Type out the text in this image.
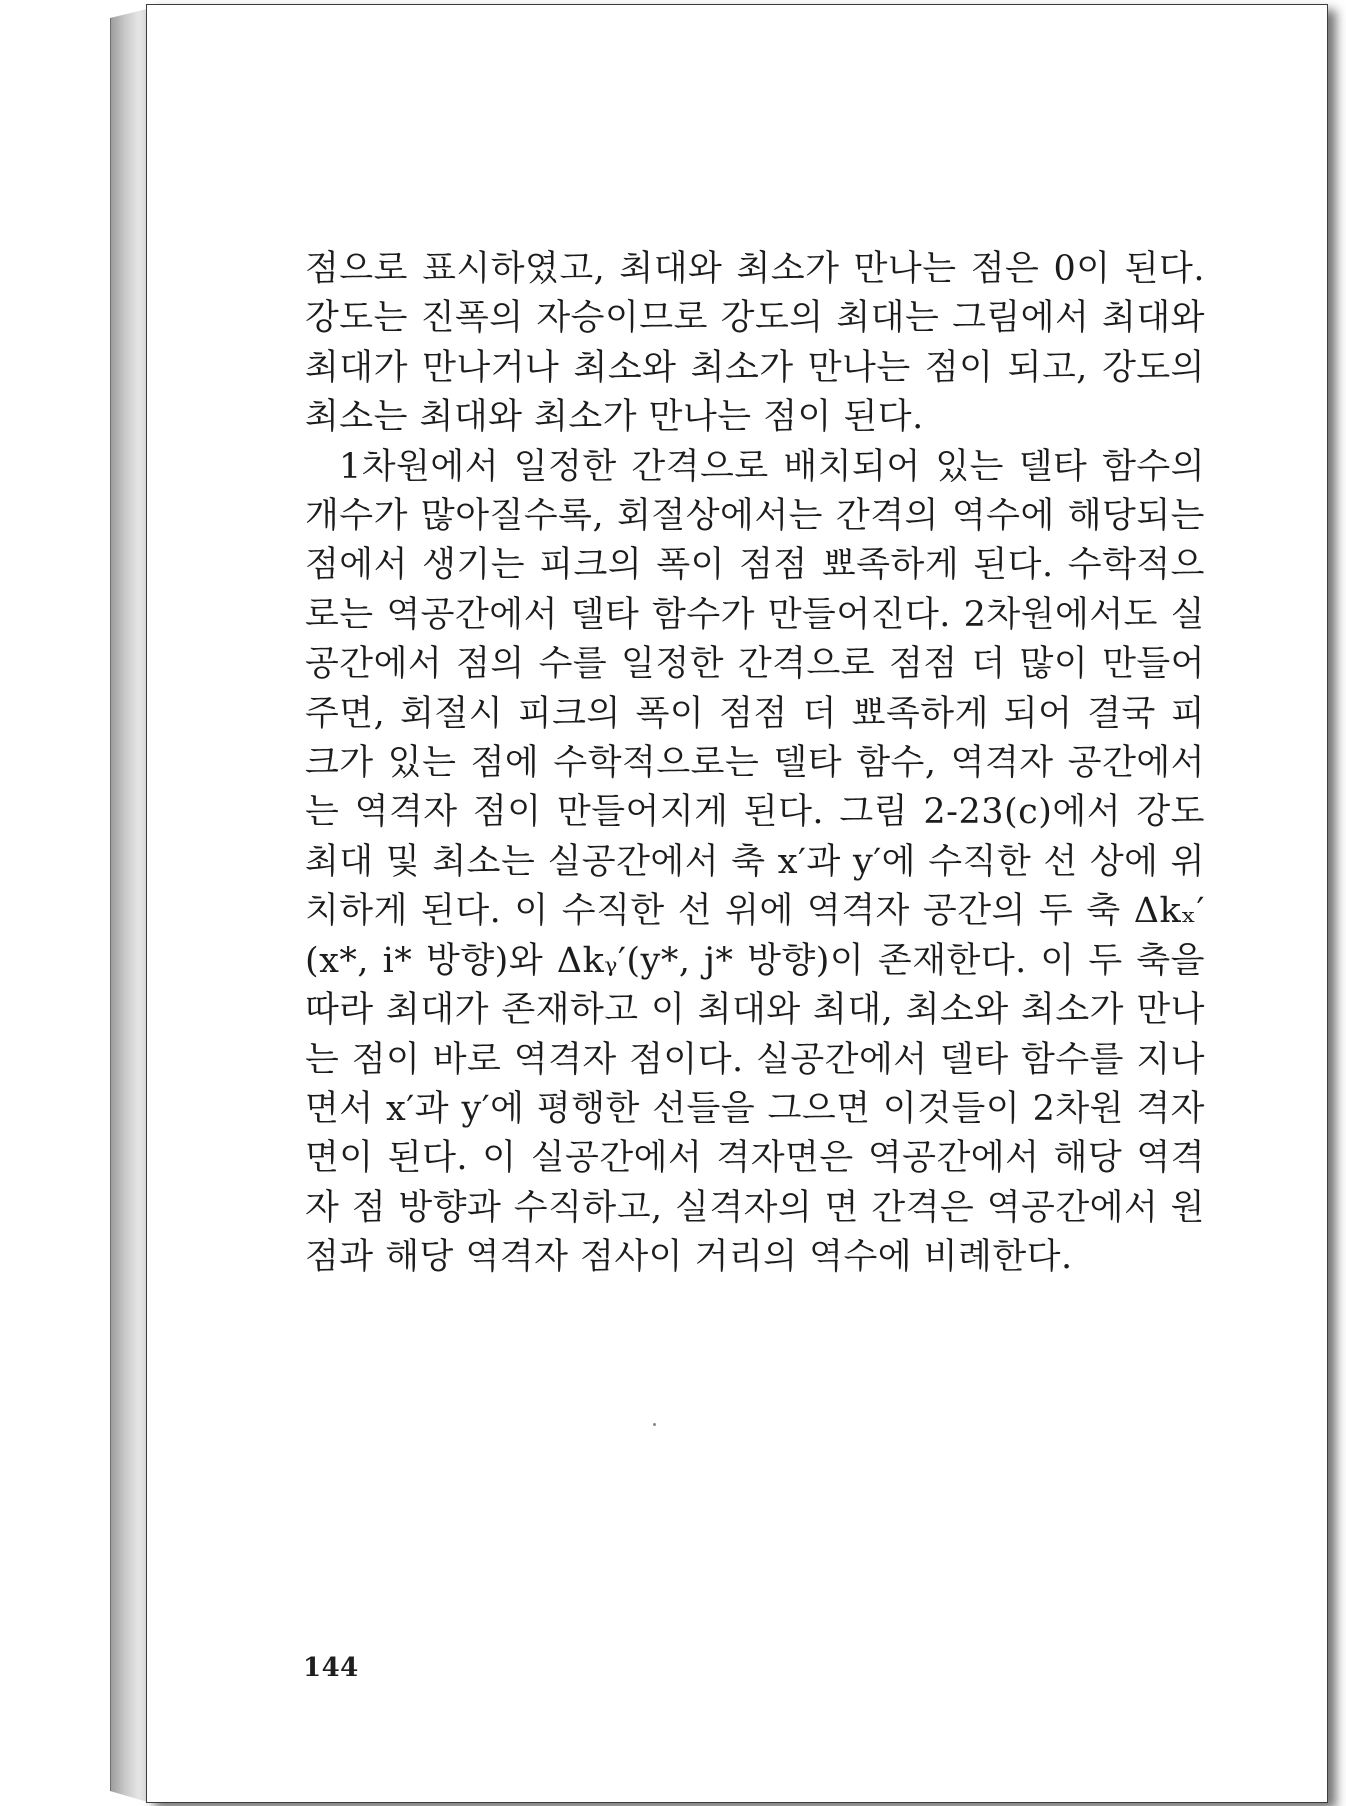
점으로 표시하였고, 최대와 최소가 만나는 점은 0이 된다. 강도는 진폭의 자승이므로 강도의 최대는 그림에서 최대와 최대가 만나거나 최소와 최소가 만나는 점이 되고, 강도의 최소는 최대와 최소가 만나는 점이 된다.

1차원에서 일정한 간격으로 배치되어 있는 델타 함수의 개수가 많아질수록, 회절상에서는 간격의 역수에 해당되는 점에서 생기는 피크의 폭이 점점 뾰족하게 된다. 수학적으로는 역공간에서 델타 함수가 만들어진다. 2차원에서도 실공간에서 점의 수를 일정한 간격으로 점점 더 많이 만들어 주면, 회절시 피크의 폭이 점점 더 뾰족하게 되어 결국 피크가 있는 점에 수학적으로는 델타 함수, 역격자 공간에서는 역격자 점이 만들어지게 된다. 그림 2-23(c)에서 강도 최대 및 최소는 실공간에서 축 x′과 y′에 수직한 선 상에 위치하게 된다. 이 수직한 선 위에 역격자 공간의 두 축 Δkₓ′(x*, i* 방향)와 Δkᵧ′(y*, j* 방향)이 존재한다. 이 두 축을 따라 최대가 존재하고 이 최대와 최대, 최소와 최소가 만나는 점이 바로 역격자 점이다. 실공간에서 델타 함수를 지나면서 x′과 y′에 평행한 선들을 그으면 이것들이 2차원 격자면이 된다. 이 실공간에서 격자면은 역공간에서 해당 역격자 점 방향과 수직하고, 실격자의 면 간격은 역공간에서 원점과 해당 역격자 점사이 거리의 역수에 비례한다.

144
